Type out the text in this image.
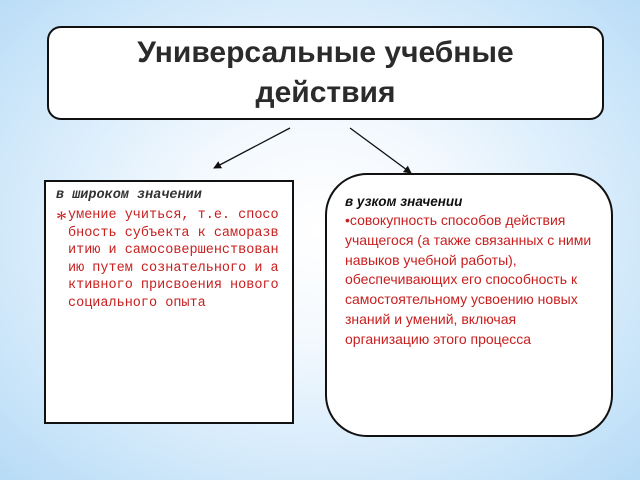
Универсальные учебные действия
в широком значении
* умение учиться, т.е. способность субъекта к саморазвитию и самосовершенствованию путем сознательного и активного присвоения нового социального опыта
в узком значении
•совокупность способов действия учащегося (а также связанных с ними навыков учебной работы), обеспечивающих его способность к самостоятельному усвоению новых знаний и умений, включая организацию этого процесса
